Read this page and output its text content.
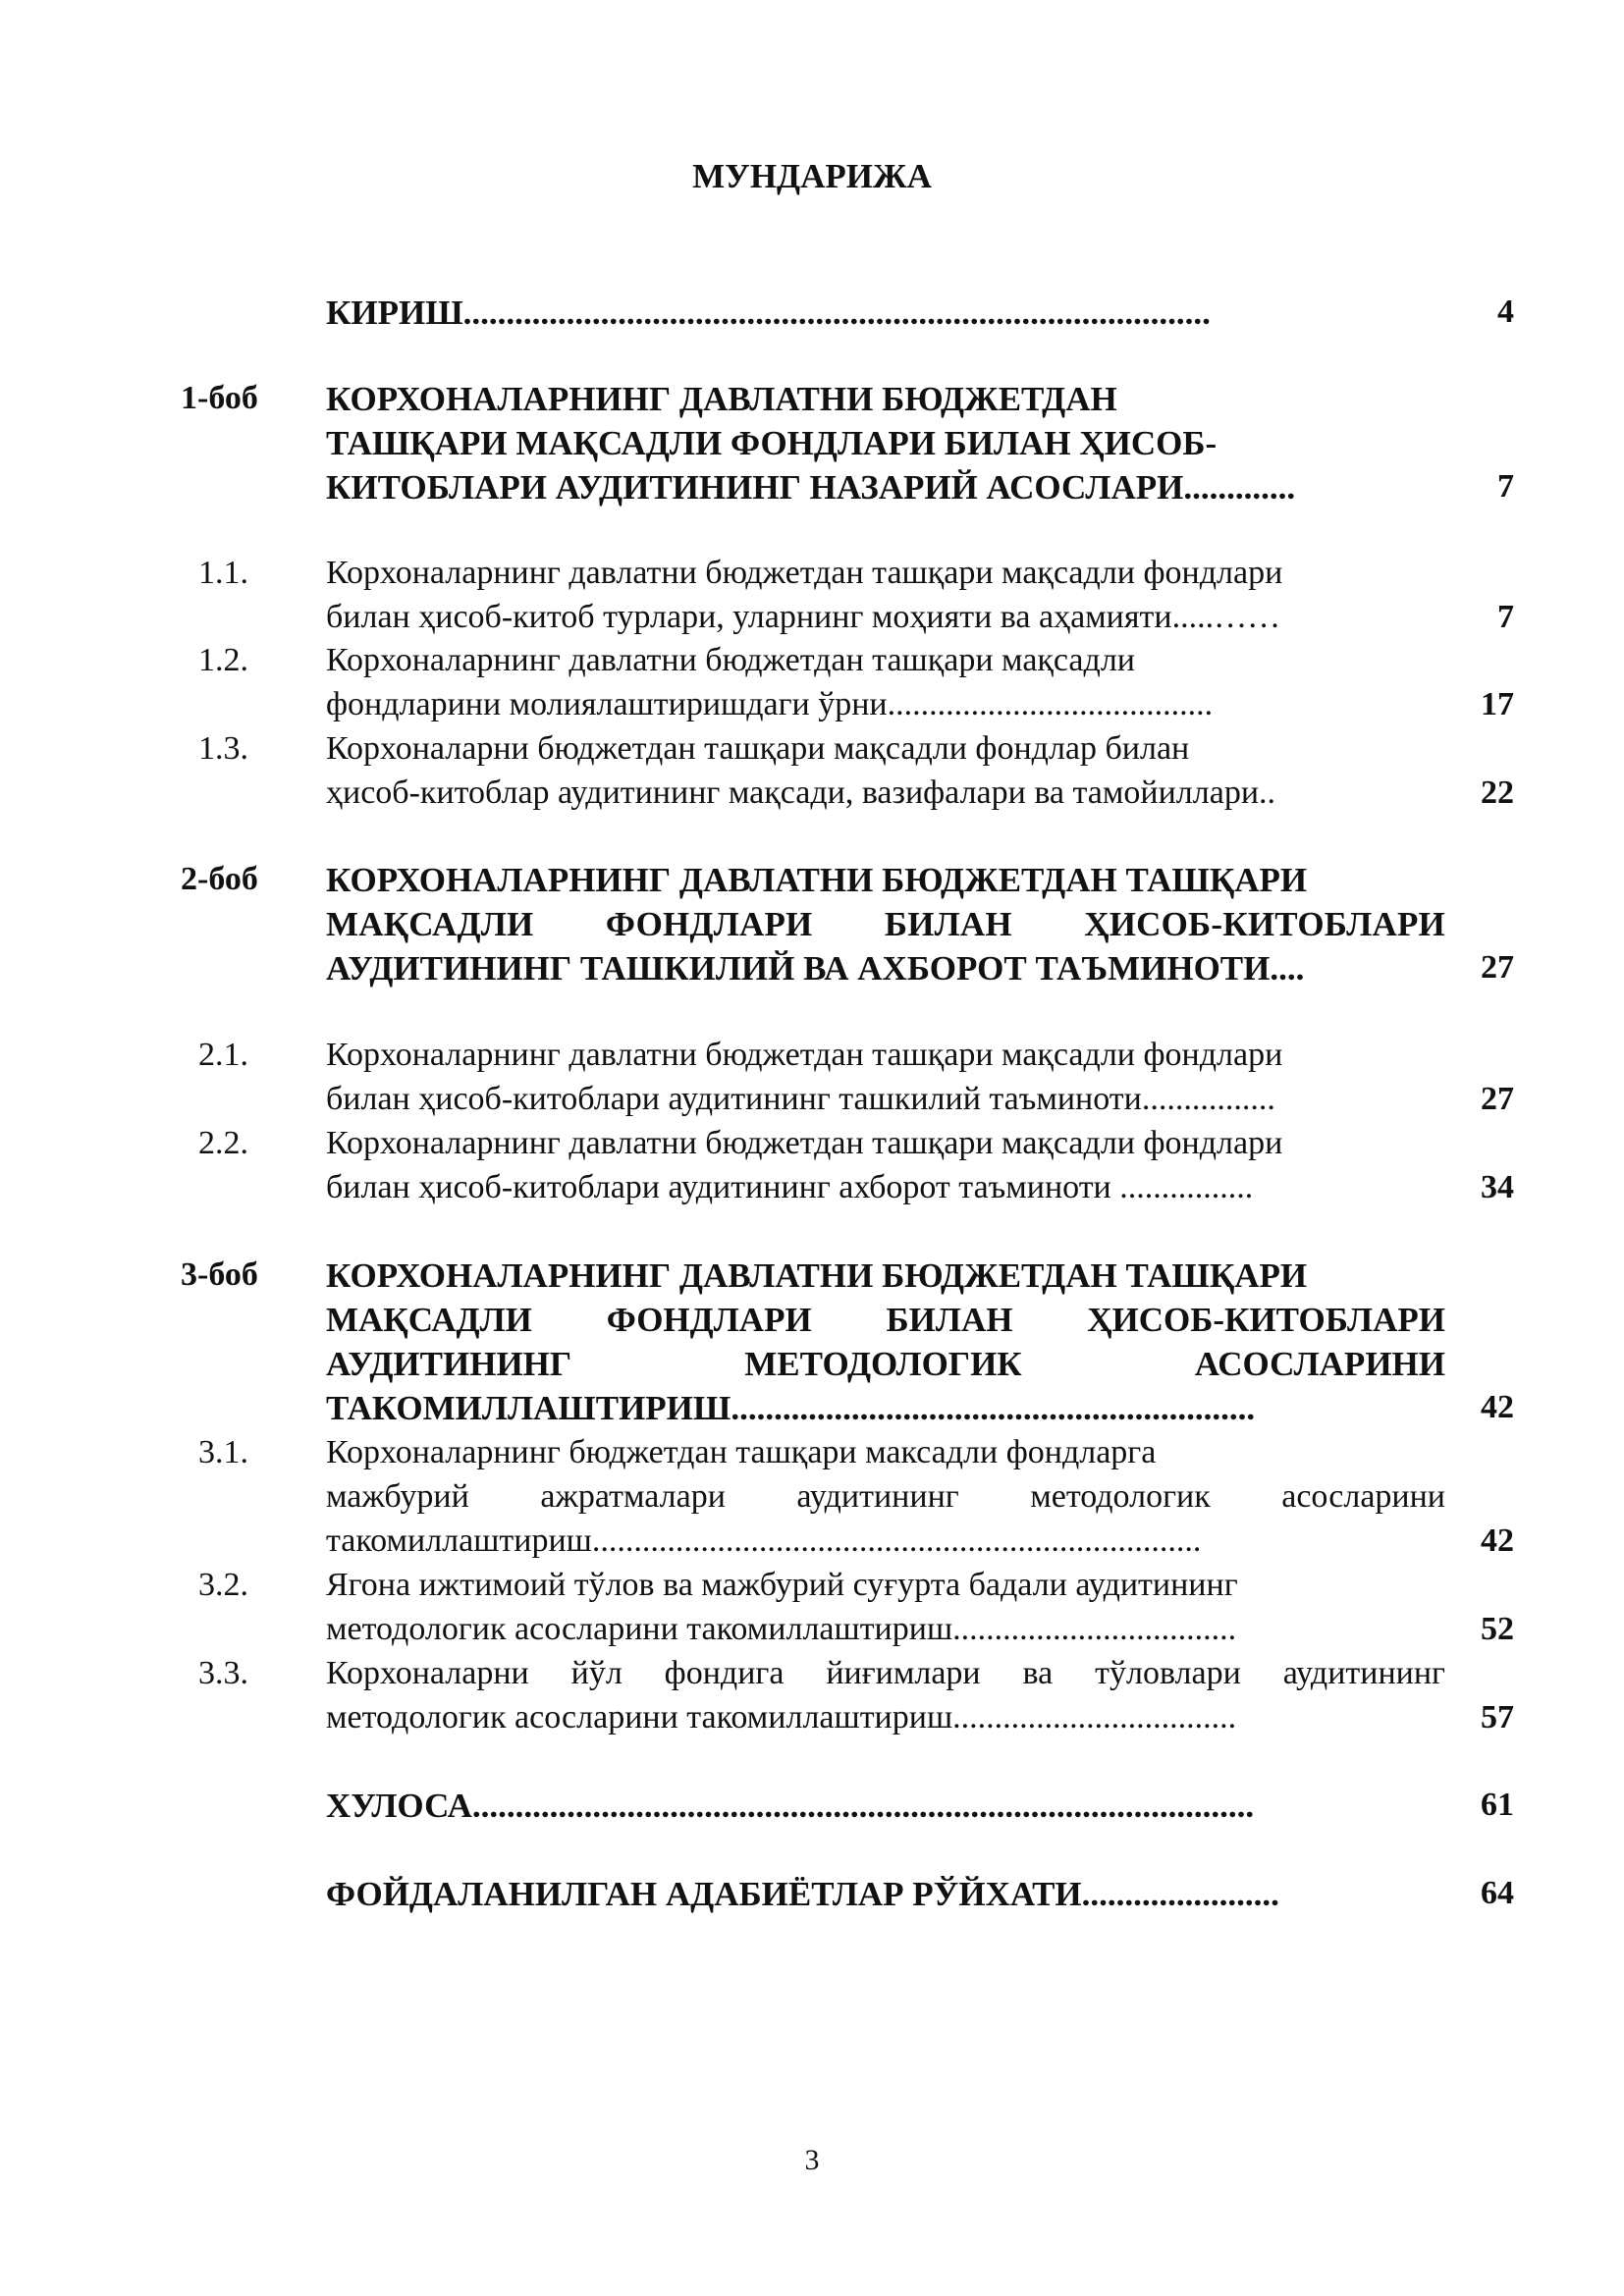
МУНДАРИЖА
КИРИШ.......................................................................................	4
1-боб КОРХОНАЛАРНИНГ ДАВЛАТНИ БЮДЖЕТДАН
ТАШҚАРИ МАҚСАДЛИ ФОНДЛАРИ БИЛАН ҲИСОБ-
КИТОБЛАРИ АУДИТИНИНГ НАЗАРИЙ АСОСЛАРИ.............	7
1.1. Корхоналарнинг давлатни бюджетдан ташқари мақсадли фондлари
билан ҳисоб-китоб турлари, уларнинг моҳияти ва аҳамияти.....……	7
1.2. Корхоналарнинг давлатни бюджетдан ташқари мақсадли
фондларини молиялаштиришдаги ўрни.......................................	17
1.3. Корхоналарни бюджетдан ташқари мақсадли фондлар билан
ҳисоб-китоблар аудитининг мақсади, вазифалари ва тамойиллари..	22
2-боб КОРХОНАЛАРНИНГ ДАВЛАТНИ БЮДЖЕТДАН ТАШҚАРИ
МАҚСАДЛИ ФОНДЛАРИ БИЛАН ҲИСОБ-КИТОБЛАРИ
АУДИТИНИНГ ТАШКИЛИЙ ВА АХБОРОТ ТАЪМИНОТИ....	27
2.1. Корхоналарнинг давлатни бюджетдан ташқари мақсадли фондлари
билан ҳисоб-китоблари аудитининг ташкилий таъминоти................	27
2.2. Корхоналарнинг давлатни бюджетдан ташқари мақсадли фондлари
билан ҳисоб-китоблари аудитининг ахборот таъминоти ................	34
3-боб КОРХОНАЛАРНИНГ ДАВЛАТНИ БЮДЖЕТДАН ТАШҚАРИ
МАҚСАДЛИ ФОНДЛАРИ БИЛАН ҲИСОБ-КИТОБЛАРИ
АУДИТИНИНГ МЕТОДОЛОГИК АСОСЛАРИНИ
ТАКОМИЛЛАШТИРИШ.............................................................	42
3.1. Корхоналарнинг бюджетдан ташқари максадли фондларга
мажбурий ажратмалари аудитининг методологик асосларини
такомиллаштириш.........................................................................	42
3.2. Ягона ижтимоий тўлов ва мажбурий суғурта бадали аудитининг
методологик асосларини такомиллаштириш..................................	52
3.3. Корхоналарни йўл фондига йиғимлари ва тўловлари аудитининг
методологик асосларини такомиллаштириш..................................	57
ХУЛОСА...........................................................................................	61
ФОЙДАЛАНИЛГАН АДАБИЁТЛАР РЎЙХАТИ.......................	64
3
